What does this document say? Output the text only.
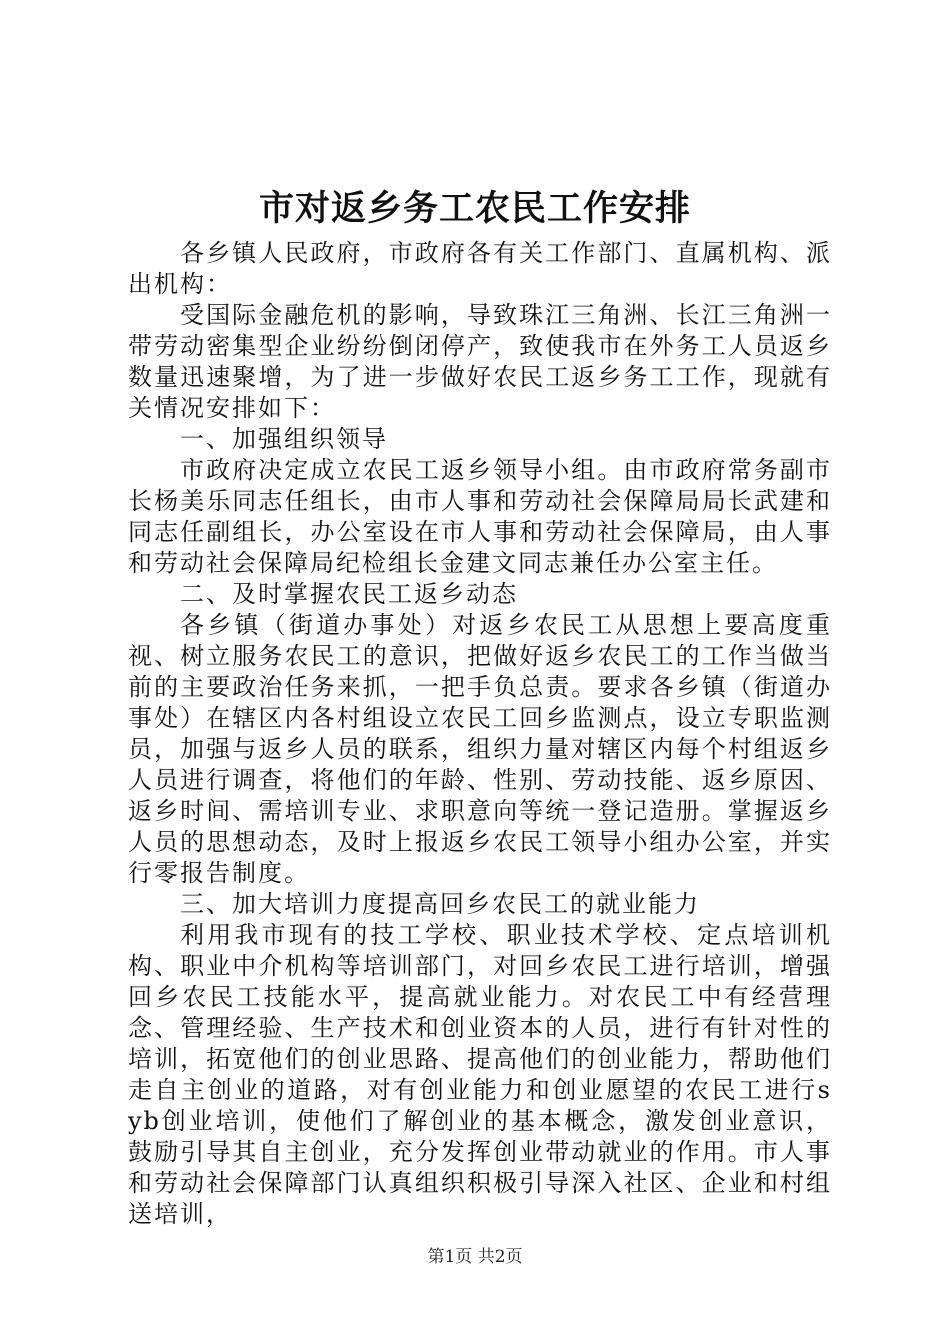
市对返乡务工农民工作安排

各乡镇人民政府，市政府各有关工作部门、直属机构、派出机构：

受国际金融危机的影响，导致珠江三角洲、长江三角洲一带劳动密集型企业纷纷倒闭停产，致使我市在外务工人员返乡数量迅速聚增，为了进一步做好农民工返乡务工工作，现就有关情况安排如下：

一、加强组织领导

市政府决定成立农民工返乡领导小组。由市政府常务副市长杨美乐同志任组长，由市人事和劳动社会保障局局长武建和同志任副组长，办公室设在市人事和劳动社会保障局，由人事和劳动社会保障局纪检组长金建文同志兼任办公室主任。

二、及时掌握农民工返乡动态

各乡镇（街道办事处）对返乡农民工从思想上要高度重视、树立服务农民工的意识，把做好返乡农民工的工作当做当前的主要政治任务来抓，一把手负总责。要求各乡镇（街道办事处）在辖区内各村组设立农民工回乡监测点，设立专职监测员，加强与返乡人员的联系，组织力量对辖区内每个村组返乡人员进行调查，将他们的年龄、性别、劳动技能、返乡原因、返乡时间、需培训专业、求职意向等统一登记造册。掌握返乡人员的思想动态，及时上报返乡农民工领导小组办公室，并实行零报告制度。

三、加大培训力度提高回乡农民工的就业能力

利用我市现有的技工学校、职业技术学校、定点培训机构、职业中介机构等培训部门，对回乡农民工进行培训，增强回乡农民工技能水平，提高就业能力。对农民工中有经营理念、管理经验、生产技术和创业资本的人员，进行有针对性的培训，拓宽他们的创业思路、提高他们的创业能力，帮助他们走自主创业的道路，对有创业能力和创业愿望的农民工进行syb创业培训，使他们了解创业的基本概念，激发创业意识，鼓励引导其自主创业，充分发挥创业带动就业的作用。市人事和劳动社会保障部门认真组织积极引导深入社区、企业和村组送培训，

第1页 共2页
